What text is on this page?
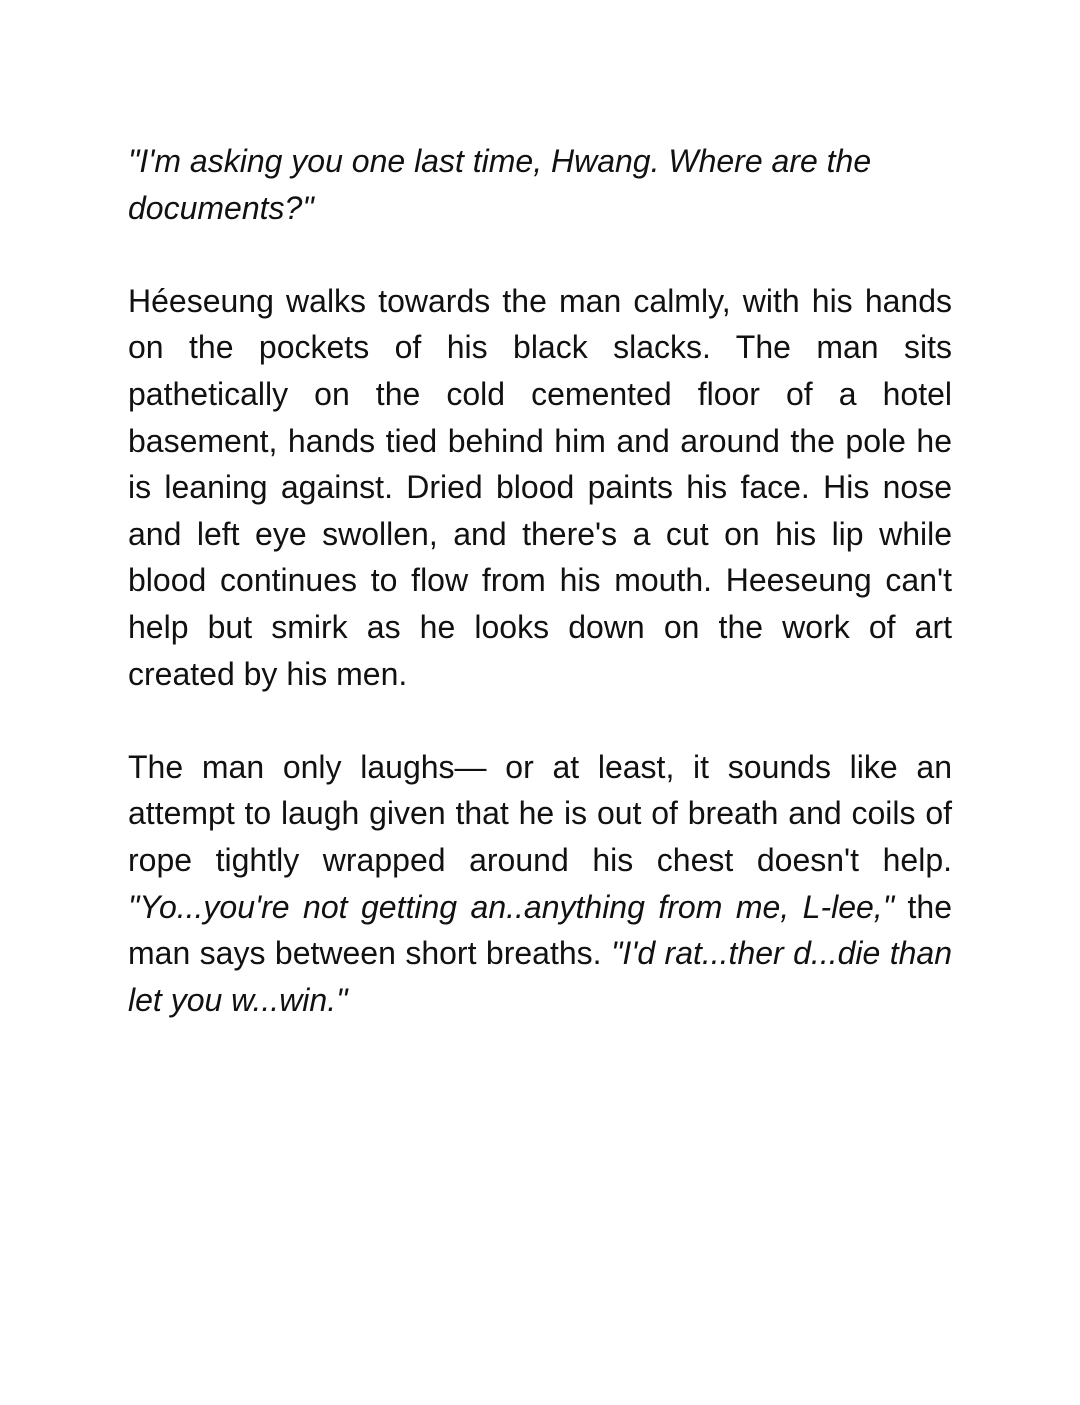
"I'm asking you one last time, Hwang. Where are the documents?"

Héeseung walks towards the man calmly, with his hands on the pockets of his black slacks. The man sits pathetically on the cold cemented floor of a hotel basement, hands tied behind him and around the pole he is leaning against. Dried blood paints his face. His nose and left eye swollen, and there's a cut on his lip while blood continues to flow from his mouth. Heeseung can't help but smirk as he looks down on the work of art created by his men.

The man only laughs— or at least, it sounds like an attempt to laugh given that he is out of breath and coils of rope tightly wrapped around his chest doesn't help. "Yo...you're not getting an..anything from me, L-lee," the man says between short breaths. "I'd rat...ther d...die than let you w...win."
